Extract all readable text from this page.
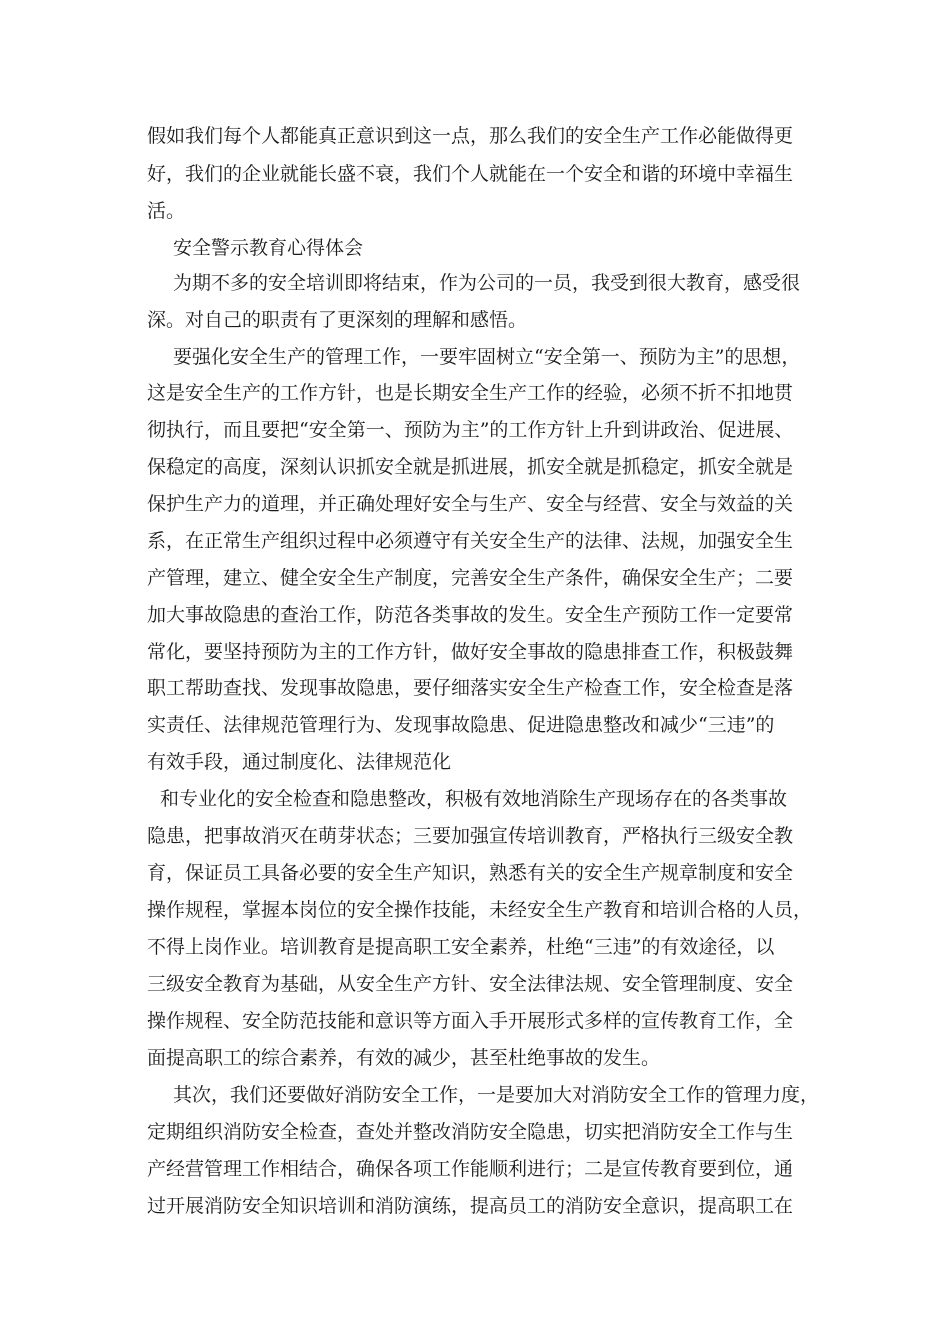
假如我们每个人都能真正意识到这一点，那么我们的安全生产工作必能做得更
好，我们的企业就能长盛不衰，我们个人就能在一个安全和谐的环境中幸福生
活。
安全警示教育心得体会
为期不多的安全培训即将结束，作为公司的一员，我受到很大教育，感受很
深。对自己的职责有了更深刻的理解和感悟。
要强化安全生产的管理工作，一要牢固树立“安全第一、预防为主”的思想，
这是安全生产的工作方针，也是长期安全生产工作的经验，必须不折不扣地贯
彻执行，而且要把“安全第一、预防为主”的工作方针上升到讲政治、促进展、
保稳定的高度，深刻认识抓安全就是抓进展，抓安全就是抓稳定，抓安全就是
保护生产力的道理，并正确处理好安全与生产、安全与经营、安全与效益的关
系，在正常生产组织过程中必须遵守有关安全生产的法律、法规，加强安全生
产管理，建立、健全安全生产制度，完善安全生产条件，确保安全生产；二要
加大事故隐患的查治工作，防范各类事故的发生。安全生产预防工作一定要常
常化，要坚持预防为主的工作方针，做好安全事故的隐患排查工作，积极鼓舞
职工帮助查找、发现事故隐患，要仔细落实安全生产检查工作，安全检查是落
实责任、法律规范管理行为、发现事故隐患、促进隐患整改和减少“三违”的
有效手段，通过制度化、法律规范化
和专业化的安全检查和隐患整改，积极有效地消除生产现场存在的各类事故
隐患，把事故消灭在萌芽状态；三要加强宣传培训教育，严格执行三级安全教
育，保证员工具备必要的安全生产知识，熟悉有关的安全生产规章制度和安全
操作规程，掌握本岗位的安全操作技能，未经安全生产教育和培训合格的人员，
不得上岗作业。培训教育是提高职工安全素养，杜绝“三违”的有效途径，以
三级安全教育为基础，从安全生产方针、安全法律法规、安全管理制度、安全
操作规程、安全防范技能和意识等方面入手开展形式多样的宣传教育工作，全
面提高职工的综合素养，有效的减少，甚至杜绝事故的发生。
其次，我们还要做好消防安全工作，一是要加大对消防安全工作的管理力度，
定期组织消防安全检查，查处并整改消防安全隐患，切实把消防安全工作与生
产经营管理工作相结合，确保各项工作能顺利进行；二是宣传教育要到位，通
过开展消防安全知识培训和消防演练，提高员工的消防安全意识，提高职工在
